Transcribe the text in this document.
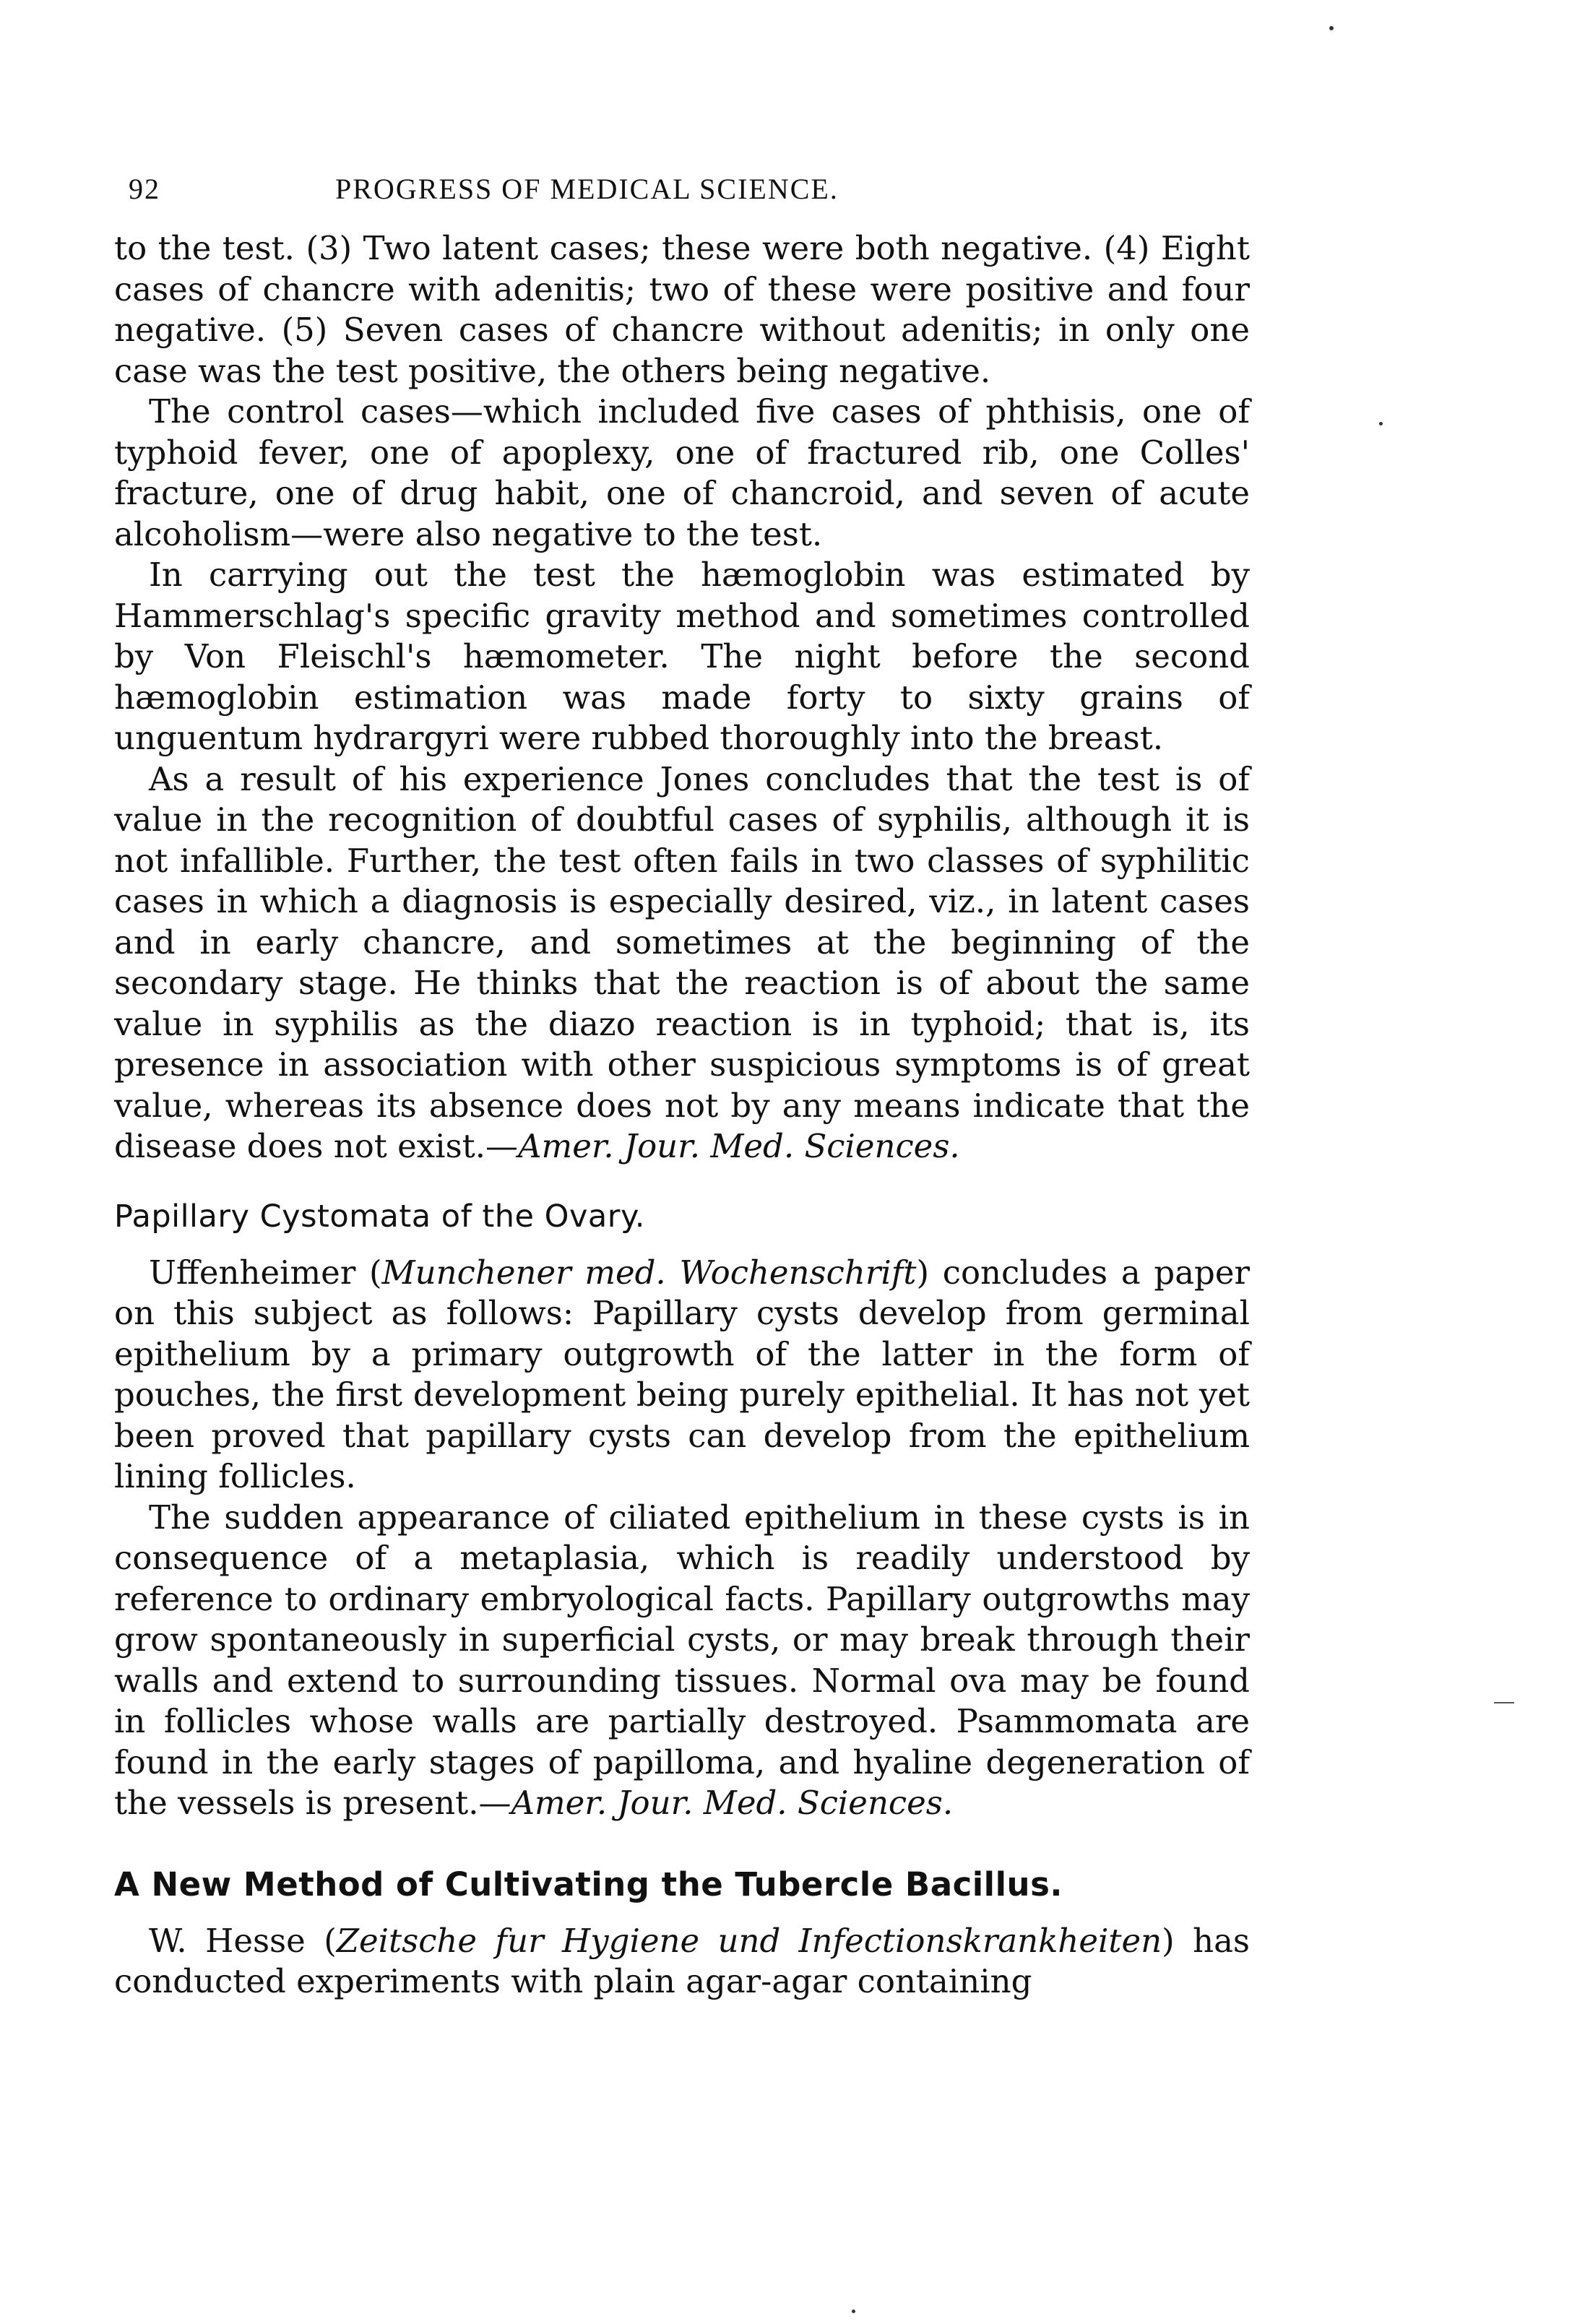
92	PROGRESS OF MEDICAL SCIENCE.

to the test. (3) Two latent cases; these were both negative. (4) Eight cases of chancre with adenitis; two of these were positive and four negative. (5) Seven cases of chancre without adenitis; in only one case was the test positive, the others being negative.

The control cases—which included five cases of phthisis, one of typhoid fever, one of apoplexy, one of fractured rib, one Colles' fracture, one of drug habit, one of chancroid, and seven of acute alcoholism—were also negative to the test.

In carrying out the test the hæmoglobin was estimated by Hammerschlag's specific gravity method and sometimes controlled by Von Fleischl's hæmometer. The night before the second hæmoglobin estimation was made forty to sixty grains of unguentum hydrargyri were rubbed thoroughly into the breast.

As a result of his experience Jones concludes that the test is of value in the recognition of doubtful cases of syphilis, although it is not infallible. Further, the test often fails in two classes of syphilitic cases in which a diagnosis is especially desired, viz., in latent cases and in early chancre, and sometimes at the beginning of the secondary stage. He thinks that the reaction is of about the same value in syphilis as the diazo reaction is in typhoid; that is, its presence in association with other suspicious symptoms is of great value, whereas its absence does not by any means indicate that the disease does not exist.—Amer. Jour. Med. Sciences.

Papillary Cystomata of the Ovary.

Uffenheimer (Munchener med. Wochenschrift) concludes a paper on this subject as follows: Papillary cysts develop from germinal epithelium by a primary outgrowth of the latter in the form of pouches, the first development being purely epithelial. It has not yet been proved that papillary cysts can develop from the epithelium lining follicles.

The sudden appearance of ciliated epithelium in these cysts is in consequence of a metaplasia, which is readily understood by reference to ordinary embryological facts. Papillary outgrowths may grow spontaneously in superficial cysts, or may break through their walls and extend to surrounding tissues. Normal ova may be found in follicles whose walls are partially destroyed. Psammomata are found in the early stages of papilloma, and hyaline degeneration of the vessels is present.—Amer. Jour. Med. Sciences.

A New Method of Cultivating the Tubercle Bacillus.

W. Hesse (Zeitsche fur Hygiene und Infectionskrankheiten) has conducted experiments with plain agar-agar containing
